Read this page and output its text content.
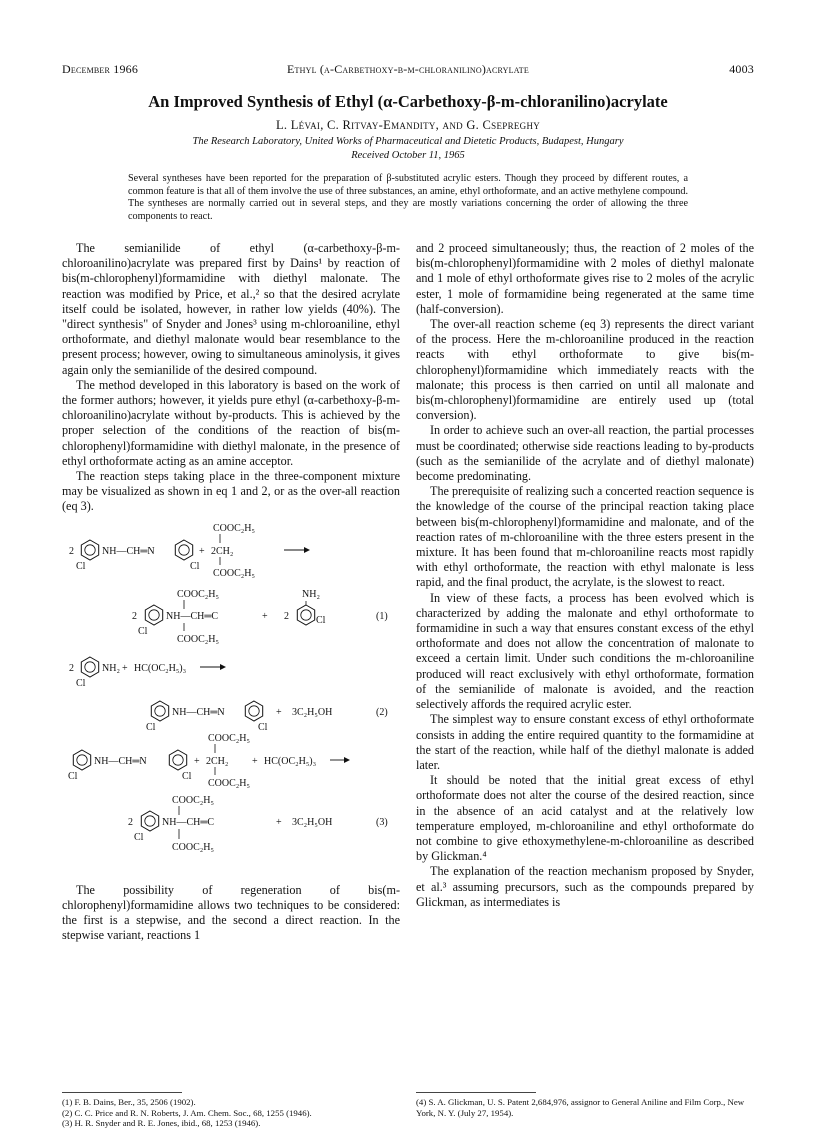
December 1966	Ethyl (α-Carbethoxy-β-m-chloranilino)acrylate	4003
An Improved Synthesis of Ethyl (α-Carbethoxy-β-m-chloranilino)acrylate
L. Lévai, C. Ritvay-Emandity, and G. Csepreghy
The Research Laboratory, United Works of Pharmaceutical and Dietetic Products, Budapest, Hungary
Received October 11, 1965
Several syntheses have been reported for the preparation of β-substituted acrylic esters. Though they proceed by different routes, a common feature is that all of them involve the use of three substances, an amine, ethyl orthoformate, and an active methylene compound. The syntheses are normally carried out in several steps, and they are mostly variations concerning the order of allowing the three components to react.

The semianilide of ethyl (α-carbethoxy-β-m-chloroanilino)acrylate was prepared first by Dains¹ by reaction of bis(m-chlorophenyl)formamidine with diethyl malonate. The reaction was modified by Price, et al.,² so that the desired acrylate itself could be isolated, however, in rather low yields (40%). The "direct synthesis" of Snyder and Jones³ using m-chloroaniline, ethyl orthoformate, and diethyl malonate would bear resemblance to the present process; however, owing to simultaneous aminolysis, it gives again only the semianilide of the desired compound.

The method developed in this laboratory is based on the work of the former authors; however, it yields pure ethyl (α-carbethoxy-β-m-chloroanilino)acrylate without by-products. This is achieved by the proper selection of the conditions of the reaction of bis(m-chlorophenyl)formamidine with diethyl malonate, in the presence of ethyl orthoformate acting as an amine acceptor.

The reaction steps taking place in the three-component mixture may be visualized as shown in eq 1 and 2, or as the over-all reaction (eq 3).

COOC₂H₅
2
Cl
NH—CH═N
Cl
+ 2CH₂
COOC₂H₅
COOC₂H₅	NH₂
2
Cl
NH—CH═C
COOC₂H₅
+ 2	Cl	(1)
2
Cl
NH₂ + HC(OC₂H₅)₃
Cl
NH—CH═N
Cl
+ 3C₂H₅OH	(2)
COOC₂H₅
Cl
NH—CH═N
Cl
+ 2CH₂
COOC₂H₅
+ HC(OC₂H₅)₃
COOC₂H₅
2
Cl
NH—CH═C
COOC₂H₅
+ 3C₂H₅OH	(3)

The possibility of regeneration of bis(m-chlorophenyl)formamidine allows two techniques to be considered: the first is a stepwise, and the second a direct reaction. In the stepwise variant, reactions 1

and 2 proceed simultaneously; thus, the reaction of 2 moles of the bis(m-chlorophenyl)formamidine with 2 moles of diethyl malonate and 1 mole of ethyl orthoformate gives rise to 2 moles of the acrylic ester, 1 mole of formamidine being regenerated at the same time (half-conversion).

The over-all reaction scheme (eq 3) represents the direct variant of the process. Here the m-chloroaniline produced in the reaction reacts with ethyl orthoformate to give bis(m-chlorophenyl)formamidine which immediately reacts with the malonate; this process is then carried on until all malonate and bis(m-chlorophenyl)formamidine are entirely used up (total conversion).

In order to achieve such an over-all reaction, the partial processes must be coordinated; otherwise side reactions leading to by-products (such as the semianilide of the acrylate and of diethyl malonate) become predominating.

The prerequisite of realizing such a concerted reaction sequence is the knowledge of the course of the principal reaction taking place between bis(m-chlorophenyl)formamidine and malonate, and of the reaction rates of m-chloroaniline with the three esters present in the mixture. It has been found that m-chloroaniline reacts most rapidly with ethyl orthoformate, the reaction with ethyl malonate is less rapid, and the final product, the acrylate, is the slowest to react.

In view of these facts, a process has been evolved which is characterized by adding the malonate and ethyl orthoformate to formamidine in such a way that ensures constant excess of the ethyl orthoformate and does not allow the concentration of malonate to exceed a certain limit. Under such conditions the m-chloroaniline produced will react exclusively with ethyl orthoformate, formation of the semianilide of malonate is avoided, and the reaction selectively affords the required acrylic ester.

The simplest way to ensure constant excess of ethyl orthoformate consists in adding the entire required quantity to the formamidine at the start of the reaction, while half of the diethyl malonate is added later.

It should be noted that the initial great excess of ethyl orthoformate does not alter the course of the desired reaction, since in the absence of an acid catalyst and at the relatively low temperature employed, m-chloroaniline and ethyl orthoformate do not combine to give ethoxymethylene-m-chloroaniline as described by Glickman.⁴

The explanation of the reaction mechanism proposed by Snyder, et al.³ assuming precursors, such as the compounds prepared by Glickman, as intermediates is

(1) F. B. Dains, Ber., 35, 2506 (1902).

(2) C. C. Price and R. N. Roberts, J. Am. Chem. Soc., 68, 1255 (1946).

(3) H. R. Snyder and R. E. Jones, ibid., 68, 1253 (1946).

(4) S. A. Glickman, U. S. Patent 2,684,976, assignor to General Aniline and Film Corp., New York, N. Y. (July 27, 1954).
